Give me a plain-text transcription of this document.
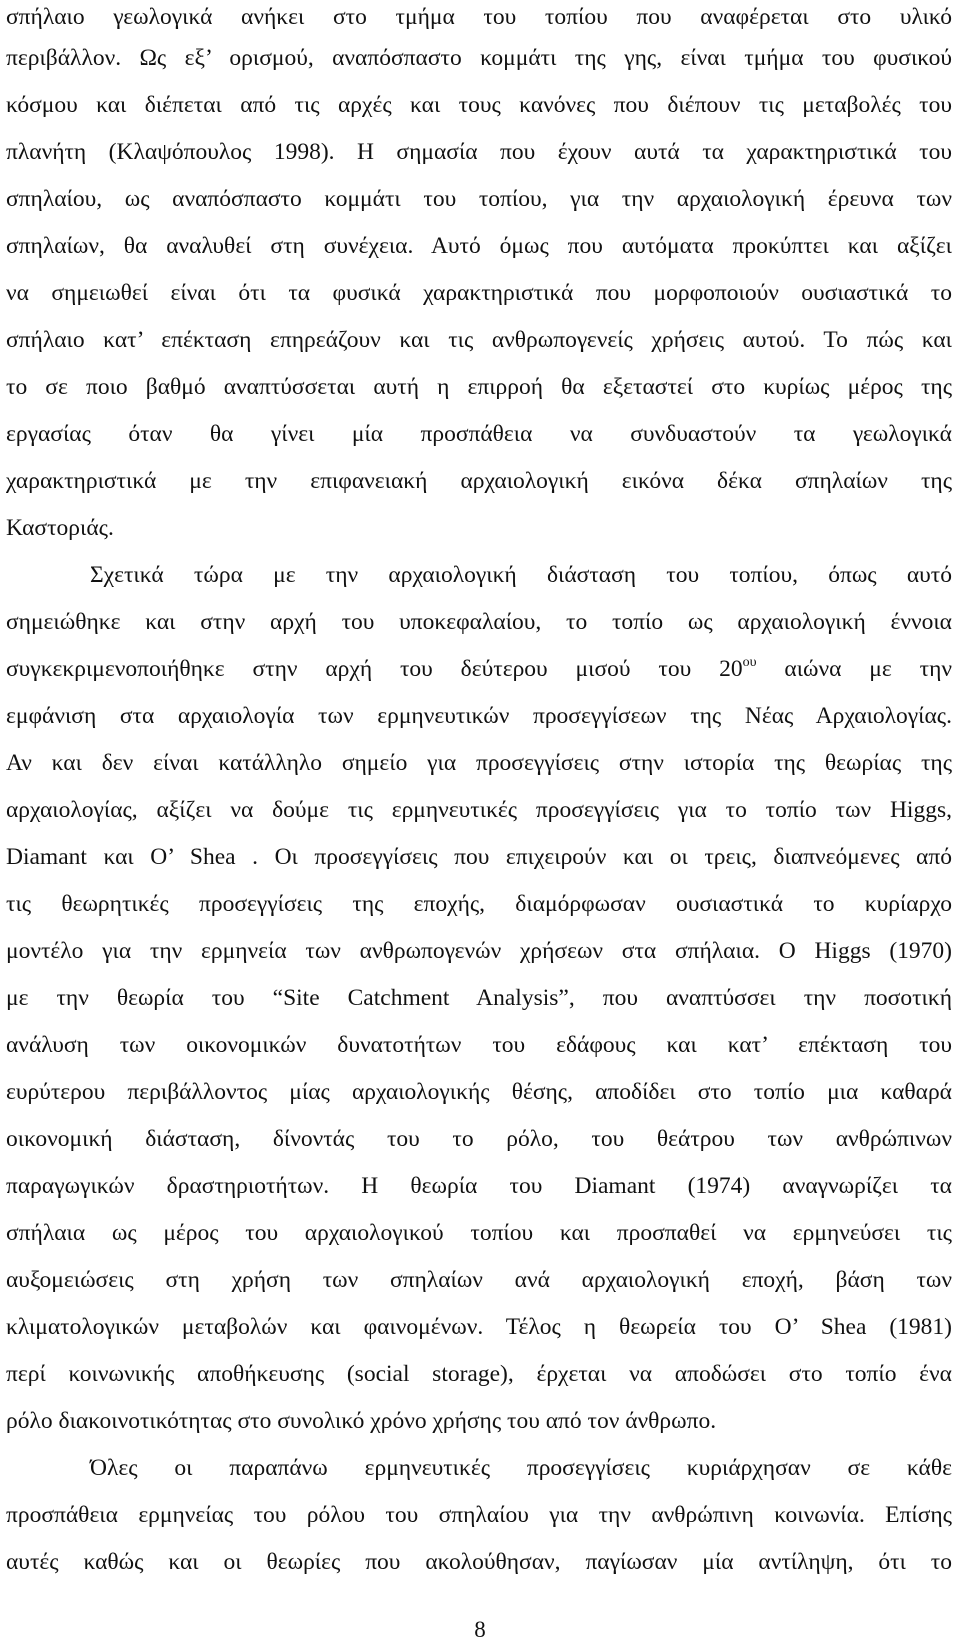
σπήλαιο γεωλογικά ανήκει στο τμήμα του τοπίου που αναφέρεται στο υλικό
περιβάλλον. Ως εξ’ ορισμού, αναπόσπαστο κομμάτι της γης, είναι τμήμα του φυσικού
κόσμου και διέπεται από τις αρχές και τους κανόνες που διέπουν τις μεταβολές του
πλανήτη (Κλαψόπουλος 1998). Η σημασία που έχουν αυτά τα χαρακτηριστικά του
σπηλαίου, ως αναπόσπαστο κομμάτι του τοπίου, για την αρχαιολογική έρευνα των
σπηλαίων, θα αναλυθεί στη συνέχεια. Αυτό όμως που αυτόματα προκύπτει και αξίζει
να σημειωθεί είναι ότι τα φυσικά χαρακτηριστικά που μορφοποιούν ουσιαστικά το
σπήλαιο κατ’ επέκταση επηρεάζουν και τις ανθρωπογενείς χρήσεις αυτού. Το πώς και
το σε ποιο βαθμό αναπτύσσεται αυτή η επιρροή θα εξεταστεί στο κυρίως μέρος της
εργασίας όταν θα γίνει μία προσπάθεια να συνδυαστούν τα γεωλογικά
χαρακτηριστικά με την επιφανειακή αρχαιολογική εικόνα δέκα σπηλαίων της
Καστοριάς.
Σχετικά τώρα με την αρχαιολογική διάσταση του τοπίου, όπως αυτό
σημειώθηκε και στην αρχή του υποκεφαλαίου, το τοπίο ως αρχαιολογική έννοια
συγκεκριμενοποιήθηκε στην αρχή του δεύτερου μισού του $20^{o\upsilon}$ αιώνα με την
εμφάνιση στα αρχαιολογία των ερμηνευτικών προσεγγίσεων της Νέας Αρχαιολογίας.
Αν και δεν είναι κατάλληλο σημείο για προσεγγίσεις στην ιστορία της θεωρίας της
αρχαιολογίας, αξίζει να δούμε τις ερμηνευτικές προσεγγίσεις για το τοπίο των Higgs,
Diamant και Ο’ Shea . Οι προσεγγίσεις που επιχειρούν και οι τρεις, διαπνεόμενες από
τις θεωρητικές προσεγγίσεις της εποχής, διαμόρφωσαν ουσιαστικά το κυρίαρχο
μοντέλο για την ερμηνεία των ανθρωπογενών χρήσεων στα σπήλαια. Ο Higgs (1970)
με την θεωρία του “Site Catchment Analysis”, που αναπτύσσει την ποσοτική
ανάλυση των οικονομικών δυνατοτήτων του εδάφους και κατ’ επέκταση του
ευρύτερου περιβάλλοντος μίας αρχαιολογικής θέσης, αποδίδει στο τοπίο μια καθαρά
οικονομική διάσταση, δίνοντάς του το ρόλο, του θεάτρου των ανθρώπινων
παραγωγικών δραστηριοτήτων. Η θεωρία του Diamant (1974) αναγνωρίζει τα
σπήλαια ως μέρος του αρχαιολογικού τοπίου και προσπαθεί να ερμηνεύσει τις
αυξομειώσεις στη χρήση των σπηλαίων ανά αρχαιολογική εποχή, βάση των
κλιματολογικών μεταβολών και φαινομένων. Τέλος η θεωρεία του Ο’ Shea (1981)
περί κοινωνικής αποθήκευσης (social storage), έρχεται να αποδώσει στο τοπίο ένα
ρόλο διακοινοτικότητας στο συνολικό χρόνο χρήσης του από τον άνθρωπο.
Όλες οι παραπάνω ερμηνευτικές προσεγγίσεις κυριάρχησαν σε κάθε
προσπάθεια ερμηνείας του ρόλου του σπηλαίου για την ανθρώπινη κοινωνία. Επίσης
αυτές καθώς και οι θεωρίες που ακολούθησαν, παγίωσαν μία αντίληψη, ότι το
8
